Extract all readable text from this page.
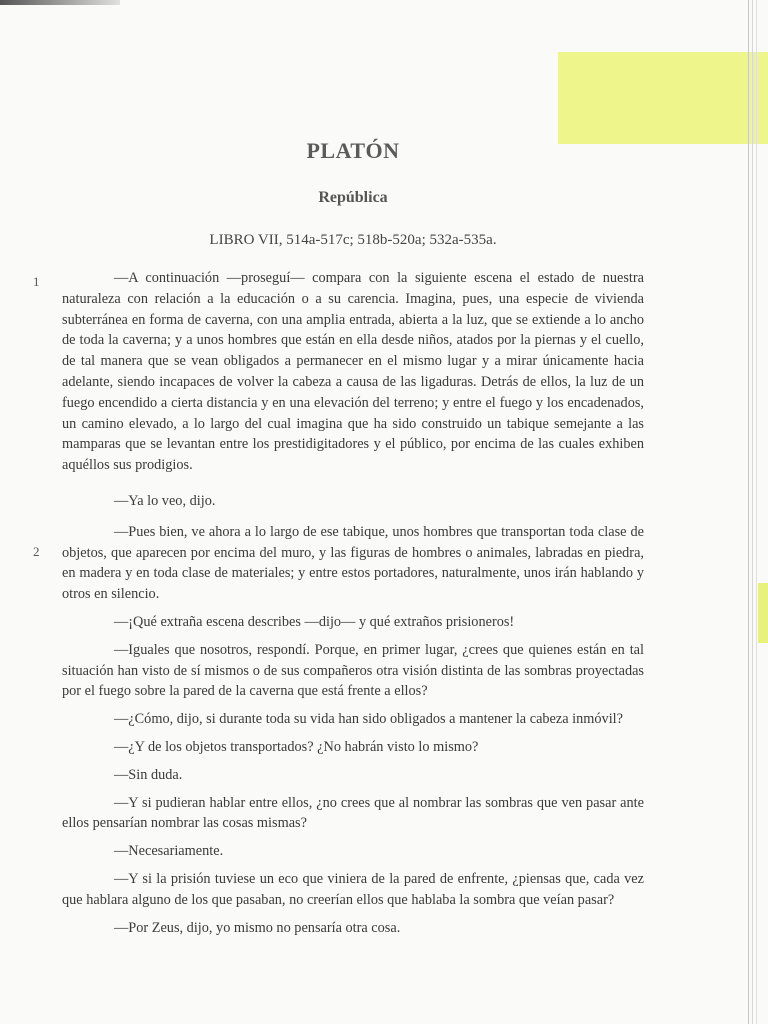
PLATÓN
República
LIBRO VII, 514a-517c; 518b-520a; 532a-535a.
1
2

—A continuación —proseguí— compara con la siguiente escena el estado de nuestra naturaleza con relación a la educación o a su carencia. Imagina, pues, una especie de vivienda subterránea en forma de caverna, con una amplia entrada, abierta a la luz, que se extiende a lo ancho de toda la caverna; y a unos hombres que están en ella desde niños, atados por la piernas y el cuello, de tal manera que se vean obligados a permanecer en el mismo lugar y a mirar únicamente hacia adelante, siendo incapaces de volver la cabeza a causa de las ligaduras. Detrás de ellos, la luz de un fuego encendido a cierta distancia y en una elevación del terreno; y entre el fuego y los encadenados, un camino elevado, a lo largo del cual imagina que ha sido construido un tabique semejante a las mamparas que se levantan entre los prestidigitadores y el público, por encima de las cuales exhiben aquéllos sus prodigios.

—Ya lo veo, dijo.

—Pues bien, ve ahora a lo largo de ese tabique, unos hombres que transportan toda clase de objetos, que aparecen por encima del muro, y las figuras de hombres o animales, labradas en piedra, en madera y en toda clase de materiales; y entre estos portadores, naturalmente, unos irán hablando y otros en silencio.

—¡Qué extraña escena describes —dijo— y qué extraños prisioneros!

—Iguales que nosotros, respondí. Porque, en primer lugar, ¿crees que quienes están en tal situación han visto de sí mismos o de sus compañeros otra visión distinta de las sombras proyectadas por el fuego sobre la pared de la caverna que está frente a ellos?

—¿Cómo, dijo, si durante toda su vida han sido obligados a mantener la cabeza inmóvil?

—¿Y de los objetos transportados? ¿No habrán visto lo mismo?

—Sin duda.

—Y si pudieran hablar entre ellos, ¿no crees que al nombrar las sombras que ven pasar ante ellos pensarían nombrar las cosas mismas?

—Necesariamente.

—Y si la prisión tuviese un eco que viniera de la pared de enfrente, ¿piensas que, cada vez que hablara alguno de los que pasaban, no creerían ellos que hablaba la sombra que veían pasar?

—Por Zeus, dijo, yo mismo no pensaría otra cosa.
